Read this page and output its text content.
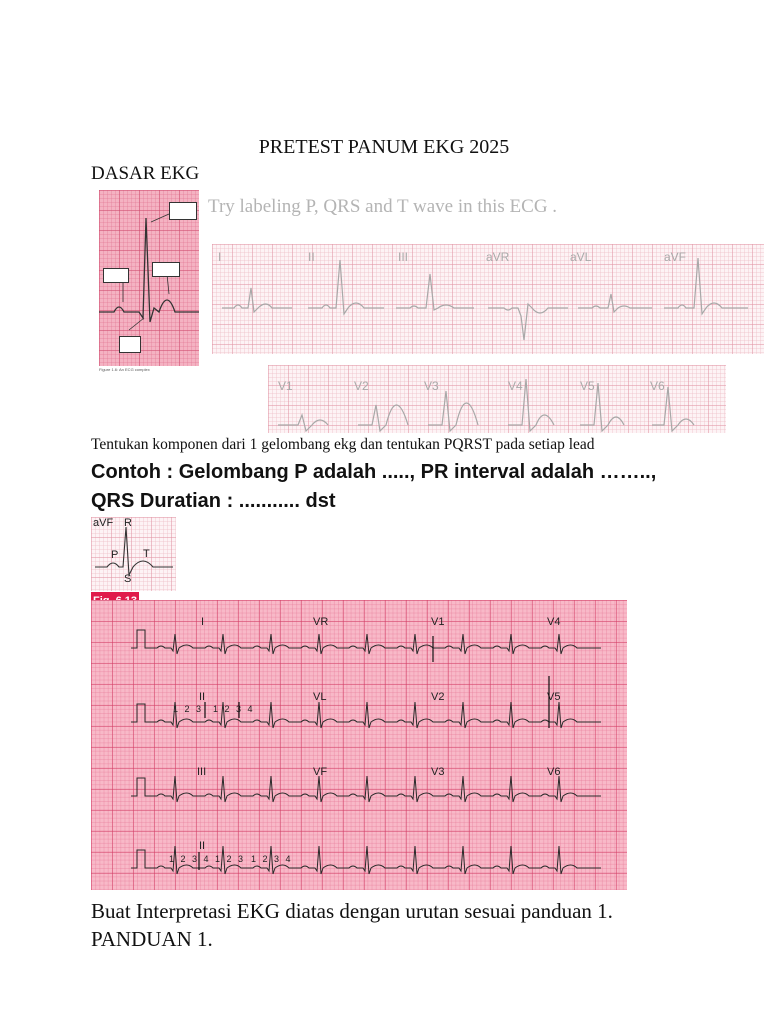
PRETEST PANUM EKG 2025
DASAR EKG
Figure 1.6: An ECG complex
Try labeling P, QRS and T wave in this ECG .
I	II	III	aVR	aVL	aVF
V1	V2	V3	V4	V5	V6
Tentukan komponen dari 1 gelombang ekg dan tentukan PQRST pada setiap lead
Contoh : Gelombang P adalah ....., PR interval adalah ……..,
QRS Duratian : ........... dst
aVF R
P T
S
I	VR	V1	V4
II	VL	V2	V5
III	VF	V3	V6
II
1 2 3 1 2 3 4
1 2 3 4 1 2 3 1 2 3 4
Buat Interpretasi EKG diatas dengan urutan sesuai panduan 1.
PANDUAN 1.
